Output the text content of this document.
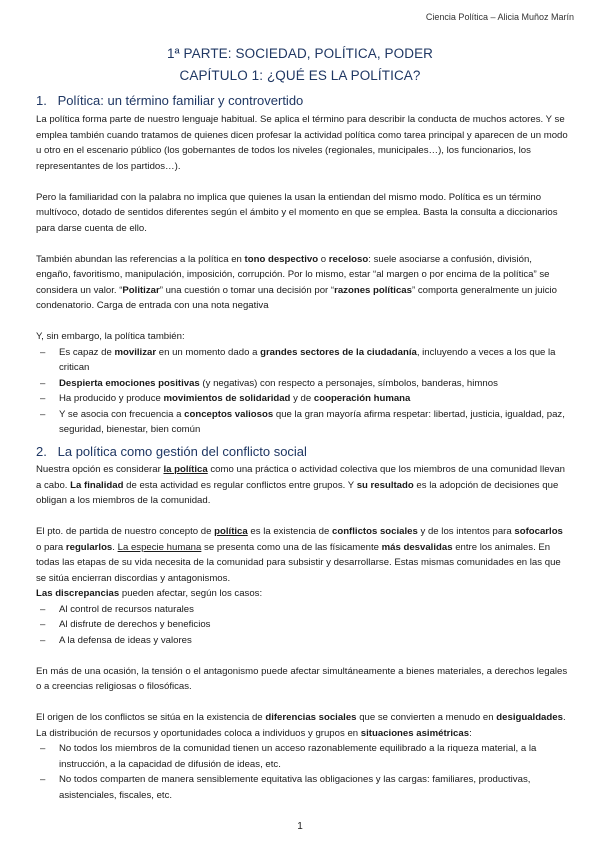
Ciencia Política – Alicia Muñoz Marín
1ª PARTE: SOCIEDAD, POLÍTICA, PODER
CAPÍTULO 1: ¿QUÉ ES LA POLÍTICA?
1. Política: un término familiar y controvertido

La política forma parte de nuestro lenguaje habitual. Se aplica el término para describir la conducta de muchos actores. Y se emplea también cuando tratamos de quienes dicen profesar la actividad política como tarea principal y aparecen de un modo u otro en el escenario público (los gobernantes de todos los niveles (regionales, municipales…), los funcionarios, los representantes de los partidos…).

Pero la familiaridad con la palabra no implica que quienes la usan la entiendan del mismo modo. Política es un término multívoco, dotado de sentidos diferentes según el ámbito y el momento en que se emplea. Basta la consulta a diccionarios para darse cuenta de ello.

También abundan las referencias a la política en tono despectivo o receloso: suele asociarse a confusión, división, engaño, favoritismo, manipulación, imposición, corrupción. Por lo mismo, estar “al margen o por encima de la política” se considera un valor. “Politizar” una cuestión o tomar una decisión por “razones políticas” comporta generalmente un juicio condenatorio. Carga de entrada con una nota negativa

Y, sin embargo, la política también:

– Es capaz de movilizar en un momento dado a grandes sectores de la ciudadanía, incluyendo a veces a los que la critican
– Despierta emociones positivas (y negativas) con respecto a personajes, símbolos, banderas, himnos
– Ha producido y produce movimientos de solidaridad y de cooperación humana
– Y se asocia con frecuencia a conceptos valiosos que la gran mayoría afirma respetar: libertad, justicia, igualdad, paz, seguridad, bienestar, bien común
2. La política como gestión del conflicto social

Nuestra opción es considerar la política como una práctica o actividad colectiva que los miembros de una comunidad llevan a cabo. La finalidad de esta actividad es regular conflictos entre grupos. Y su resultado es la adopción de decisiones que obligan a los miembros de la comunidad.

El pto. de partida de nuestro concepto de política es la existencia de conflictos sociales y de los intentos para sofocarlos o para regularlos. La especie humana se presenta como una de las físicamente más desvalidas entre los animales. En todas las etapas de su vida necesita de la comunidad para subsistir y desarrollarse. Estas mismas comunidades en las que se sitúa encierran discordias y antagonismos.
Las discrepancias pueden afectar, según los casos:

– Al control de recursos naturales
– Al disfrute de derechos y beneficios
– A la defensa de ideas y valores

En más de una ocasión, la tensión o el antagonismo puede afectar simultáneamente a bienes materiales, a derechos legales o a creencias religiosas o filosóficas.

El origen de los conflictos se sitúa en la existencia de diferencias sociales que se convierten a menudo en desigualdades. La distribución de recursos y oportunidades coloca a individuos y grupos en situaciones asimétricas:

– No todos los miembros de la comunidad tienen un acceso razonablemente equilibrado a la riqueza material, a la instrucción, a la capacidad de difusión de ideas, etc.
– No todos comparten de manera sensiblemente equitativa las obligaciones y las cargas: familiares, productivas, asistenciales, fiscales, etc.
1
